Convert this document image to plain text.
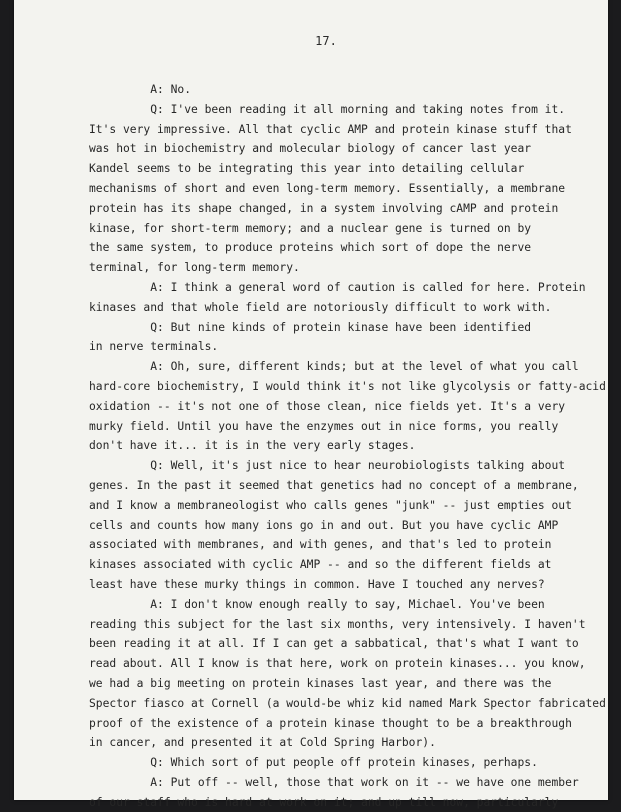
17.
A: No.
Q: I've been reading it all morning and taking notes from it.
It's very impressive. All that cyclic AMP and protein kinase stuff that
was hot in biochemistry and molecular biology of cancer last year
Kandel seems to be integrating this year into detailing cellular
mechanisms of short and even long-term memory. Essentially, a membrane
protein has its shape changed, in a system involving cAMP and protein
kinase, for short-term memory; and a nuclear gene is turned on by
the same system, to produce proteins which sort of dope the nerve
terminal, for long-term memory.
A: I think a general word of caution is called for here. Protein
kinases and that whole field are notoriously difficult to work with.
Q: But nine kinds of protein kinase have been identified
in nerve terminals.
A: Oh, sure, different kinds; but at the level of what you call
hard-core biochemistry, I would think it's not like glycolysis or fatty-acid
oxidation -- it's not one of those clean, nice fields yet. It's a very
murky field. Until you have the enzymes out in nice forms, you really
don't have it... it is in the very early stages.
Q: Well, it's just nice to hear neurobiologists talking about
genes. In the past it seemed that genetics had no concept of a membrane,
and I know a membraneologist who calls genes "junk" -- just empties out
cells and counts how many ions go in and out. But you have cyclic AMP
associated with membranes, and with genes, and that's led to protein
kinases associated with cyclic AMP -- and so the different fields at
least have these murky things in common. Have I touched any nerves?
A: I don't know enough really to say, Michael. You've been
reading this subject for the last six months, very intensively. I haven't
been reading it at all. If I can get a sabbatical, that's what I want to
read about. All I know is that here, work on protein kinases... you know,
we had a big meeting on protein kinases last year, and there was the
Spector fiasco at Cornell (a would-be whiz kid named Mark Spector fabricated
proof of the existence of a protein kinase thought to be a breakthrough
in cancer, and presented it at Cold Spring Harbor).
Q: Which sort of put people off protein kinases, perhaps.
A: Put off -- well, those that work on it -- we have one member
of our staff who is hard at work on it; and up till now, particularly
